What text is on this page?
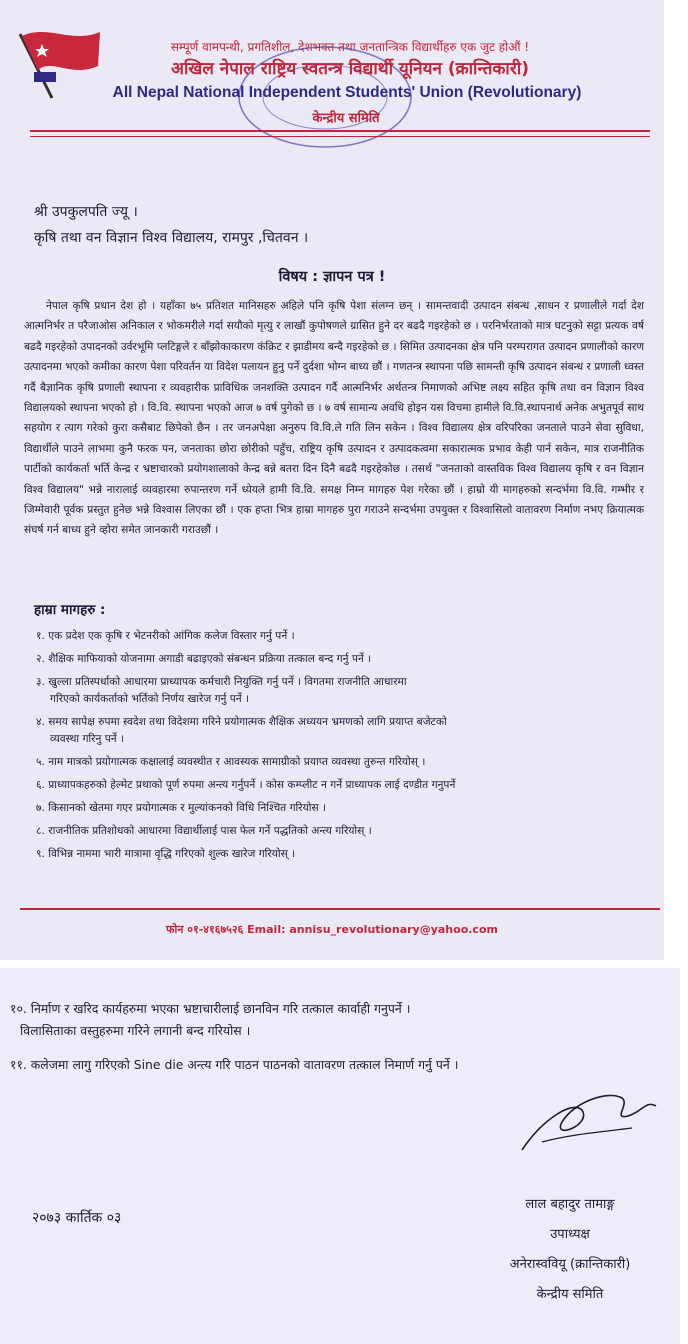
सम्पूर्ण वामपन्थी, प्रगतिशील, देशभक्त तथा जनतान्त्रिक विद्यार्थीहरु एक जुट होऔं !
अखिल नेपाल राष्ट्रिय स्वतन्त्र विद्यार्थी यूनियन (क्रान्तिकारी)
All Nepal National Independent Students' Union (Revolutionary)
केन्द्रीय समिति
श्री उपकुलपति ज्यू ।
कृषि तथा वन विज्ञान विश्व विद्यालय, रामपुर ,चितवन ।
विषय : ज्ञापन पत्र !
नेपाल कृषि प्रधान देश हो । यहाँका ७५ प्रतिशत मानिसहरु अहिले पनि कृषि पेशा संलग्न छन् । सामन्तवादी उत्पादन संबन्ध ,साधन र प्रणालीले गर्दा देश आत्मनिर्भर त परैजाओस अनिकाल र भोकमरीले गर्दा सयौको मृत्यु र लाखौं कुपोषणले ग्रासित हुने दर बढदै गइरहेको छ । परनिर्भरताको मात्र घटनुको सट्टा प्रत्यक वर्ष बढदै गइरहेको उपादनको उर्वरभूमि प्लटिङ्गले र बाँझोकाकारण कंक्रिट र झाडीमय बन्दै गइरहेको छ । सिमित उत्पादनका क्षेत्र पनि परम्परागत उत्पादन प्रणालीको कारण उत्पादनमा भएको कमीका कारण पेशा परिवर्तन या विदेश पलायन हुनु पर्ने दुर्दशा भोग्न बाध्य छौं । गणतन्त्र स्थापना पछि सामन्ती कृषि उत्पादन संबन्ध र प्रणाली ध्वस्त गर्दै बैज्ञानिक कृषि प्रणाली स्थापना र व्यवहारीक प्राविधिक जनशक्ति उत्पादन गर्दै आत्मनिर्भर अर्थतन्त्र निमाणको अभिष्ट लक्ष्य सहित कृषि तथा वन विज्ञान विश्व विद्यालयको स्थापना भएको हो । वि.वि. स्थापना भएको आज ७ वर्ष पुगेको छ । ७ वर्ष सामान्य अवधि होइन यस विचमा हामीले वि.वि.स्थापनार्थ अनेक अभुतपूर्व साथ सहयोग र त्याग गरेको कुरा कसैबाट छिपेको छैन । तर जनअपेक्षा अनुरुप वि.वि.ले गति लिन सकेन । विश्व विद्यालय क्षेत्र वरिपरिका जनताले पाउने सेवा सुविधा, विद्यार्थीले पाउने लाभमा कुनै फरक पन, जनताका छोरा छोरीको पहुँच, राष्ट्रिय कृषि उत्पादन र उत्पादकत्वमा सकारात्मक प्रभाव केही पार्न सकेन, मात्र राजनीतिक पार्टीको कार्यकर्ता भर्ति केन्द्र र भ्रष्टाचारको प्रयोगशालाको केन्द्र बन्ने बतरा दिन दिनै बढदै गइरहेकोछ । तसर्थ "जनताको वास्तविक विश्व विद्यालय कृषि र वन विज्ञान विश्व विद्यालय" भन्ने नारालाई व्यवहारमा रुपान्तरण गर्ने ध्येयले हामी वि.वि. समक्ष निम्न मागहरु पेश गरेका छौं । हाम्रो यी मागहरुको सन्दर्भमा वि.वि. गम्भीर र जिम्मेवारी पूर्वक प्रस्तुत हुनेछ भन्ने विश्वास लिएका छौं । एक हप्ता भित्र हाम्रा मागहरु पुरा गराउने सन्दर्भमा उपयुक्त र विश्वासिलो वातावरण निर्माण नभए क्रियात्मक संघर्ष गर्न बाध्य हुने व्होरा समेत जानकारी गराउछौं ।
हाम्रा मागहरु :
१. एक प्रदेश एक कृषि र भेटनरीको आंगिक कलेज विस्तार गर्नु पर्ने ।
२. शैक्षिक माफियाको योजनामा अगाडी बढाइएको संबन्धन प्रक्रिया तत्काल बन्द गर्नु पर्ने ।
३. खुल्ला प्रतिस्पर्धाको आधारमा प्राध्यापक कर्मचारी नियुक्ति गर्नु पर्ने । विगतमा राजनीति आधारमा
गरिएको कार्यकर्ताको भर्तिको निर्णय खारेज गर्नु पर्ने ।
४. समय सापेक्ष रुपमा स्वदेश तथा विदेशमा गरिने प्रयोगात्मक शैक्षिक अध्ययन भ्रमणको लागि प्रयाप्त बजेटको
व्यवस्था गरिनु पर्ने ।
५. नाम मात्रको प्रयोगात्मक कक्षालाई व्यवस्थीत र आवस्यक सामाग्रीको प्रयाप्त व्यवस्था तुरुन्त गरियोस् ।
६. प्राध्यापकहरुको हेल्मेट प्रथाको पूर्ण रुपमा अन्त्य गर्नुपर्ने । कोस कम्प्लीट न गर्ने प्राध्यापक लाई दण्डीत गनुपर्ने
७. किसानको खेतमा गएर प्रयोगात्मक र मुल्यांकनको विधि निश्चित गरियोस ।
८. राजनीतिक प्रतिशोधको आधारमा विद्यार्थीलाई पास फेल गर्ने पद्धतिको अन्त्य गरियोस् ।
९. विभिन्न नाममा भारी मात्रामा वृद्धि गरिएको शुल्क खारेज गरियोस् ।
फोन ०१-४१६७५२६ Email: annisu_revolutionary@yahoo.com
१०. निर्माण र खरिद कार्यहरुमा भएका भ्रष्टाचारीलाई छानविन गरि तत्काल कार्वाही गनुपर्ने ।
विलासिताका वस्तुहरुमा गरिने लगानी बन्द गरियोस ।
११. कलेजमा लागु गरिएको Sine die अन्त्य गरि पाठन पाठनको वातावरण तत्काल निमार्ण गर्नु पर्ने ।
२०७३ कार्तिक ०३
लाल बहादुर तामाङ्ग
उपाध्यक्ष
अनेरास्ववियू (क्रान्तिकारी)
केन्द्रीय समिति
